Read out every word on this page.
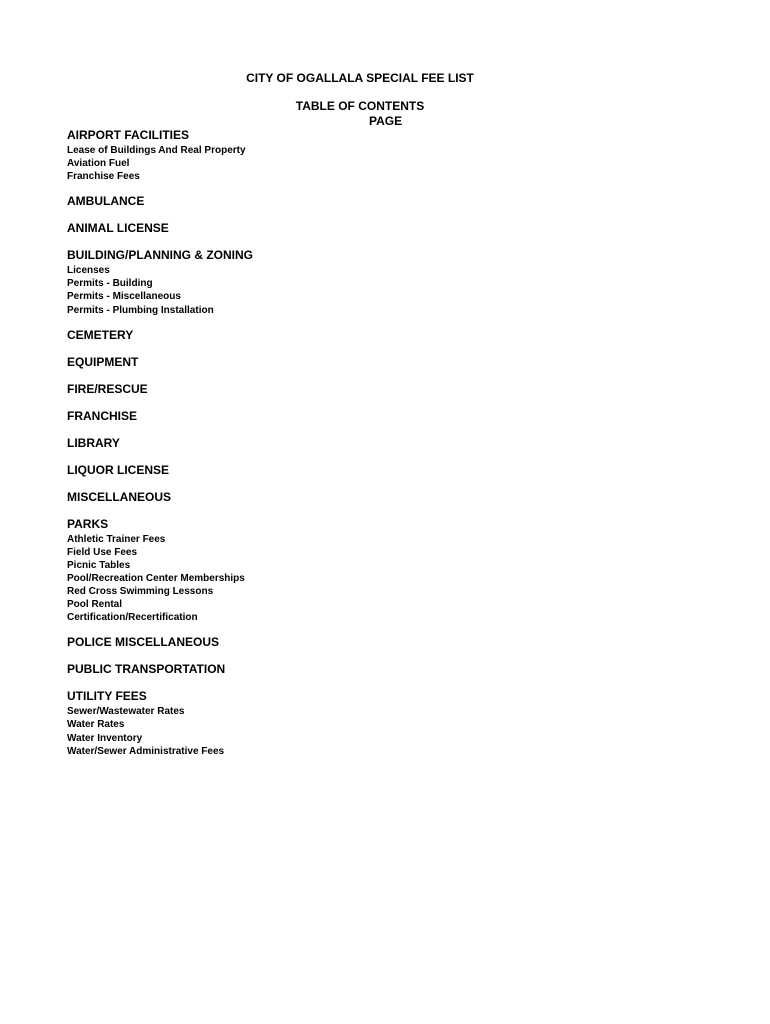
CITY OF OGALLALA SPECIAL FEE LIST
TABLE OF CONTENTS
PAGE
AIRPORT FACILITIES
Lease of Buildings And Real Property
Aviation Fuel
Franchise Fees
AMBULANCE
ANIMAL LICENSE
BUILDING/PLANNING & ZONING
Licenses
Permits - Building
Permits - Miscellaneous
Permits - Plumbing Installation
CEMETERY
EQUIPMENT
FIRE/RESCUE
FRANCHISE
LIBRARY
LIQUOR LICENSE
MISCELLANEOUS
PARKS
Athletic Trainer Fees
Field Use Fees
Picnic Tables
Pool/Recreation Center Memberships
Red Cross Swimming Lessons
Pool Rental
Certification/Recertification
POLICE MISCELLANEOUS
PUBLIC TRANSPORTATION
UTILITY FEES
Sewer/Wastewater Rates
Water Rates
Water Inventory
Water/Sewer Administrative Fees
